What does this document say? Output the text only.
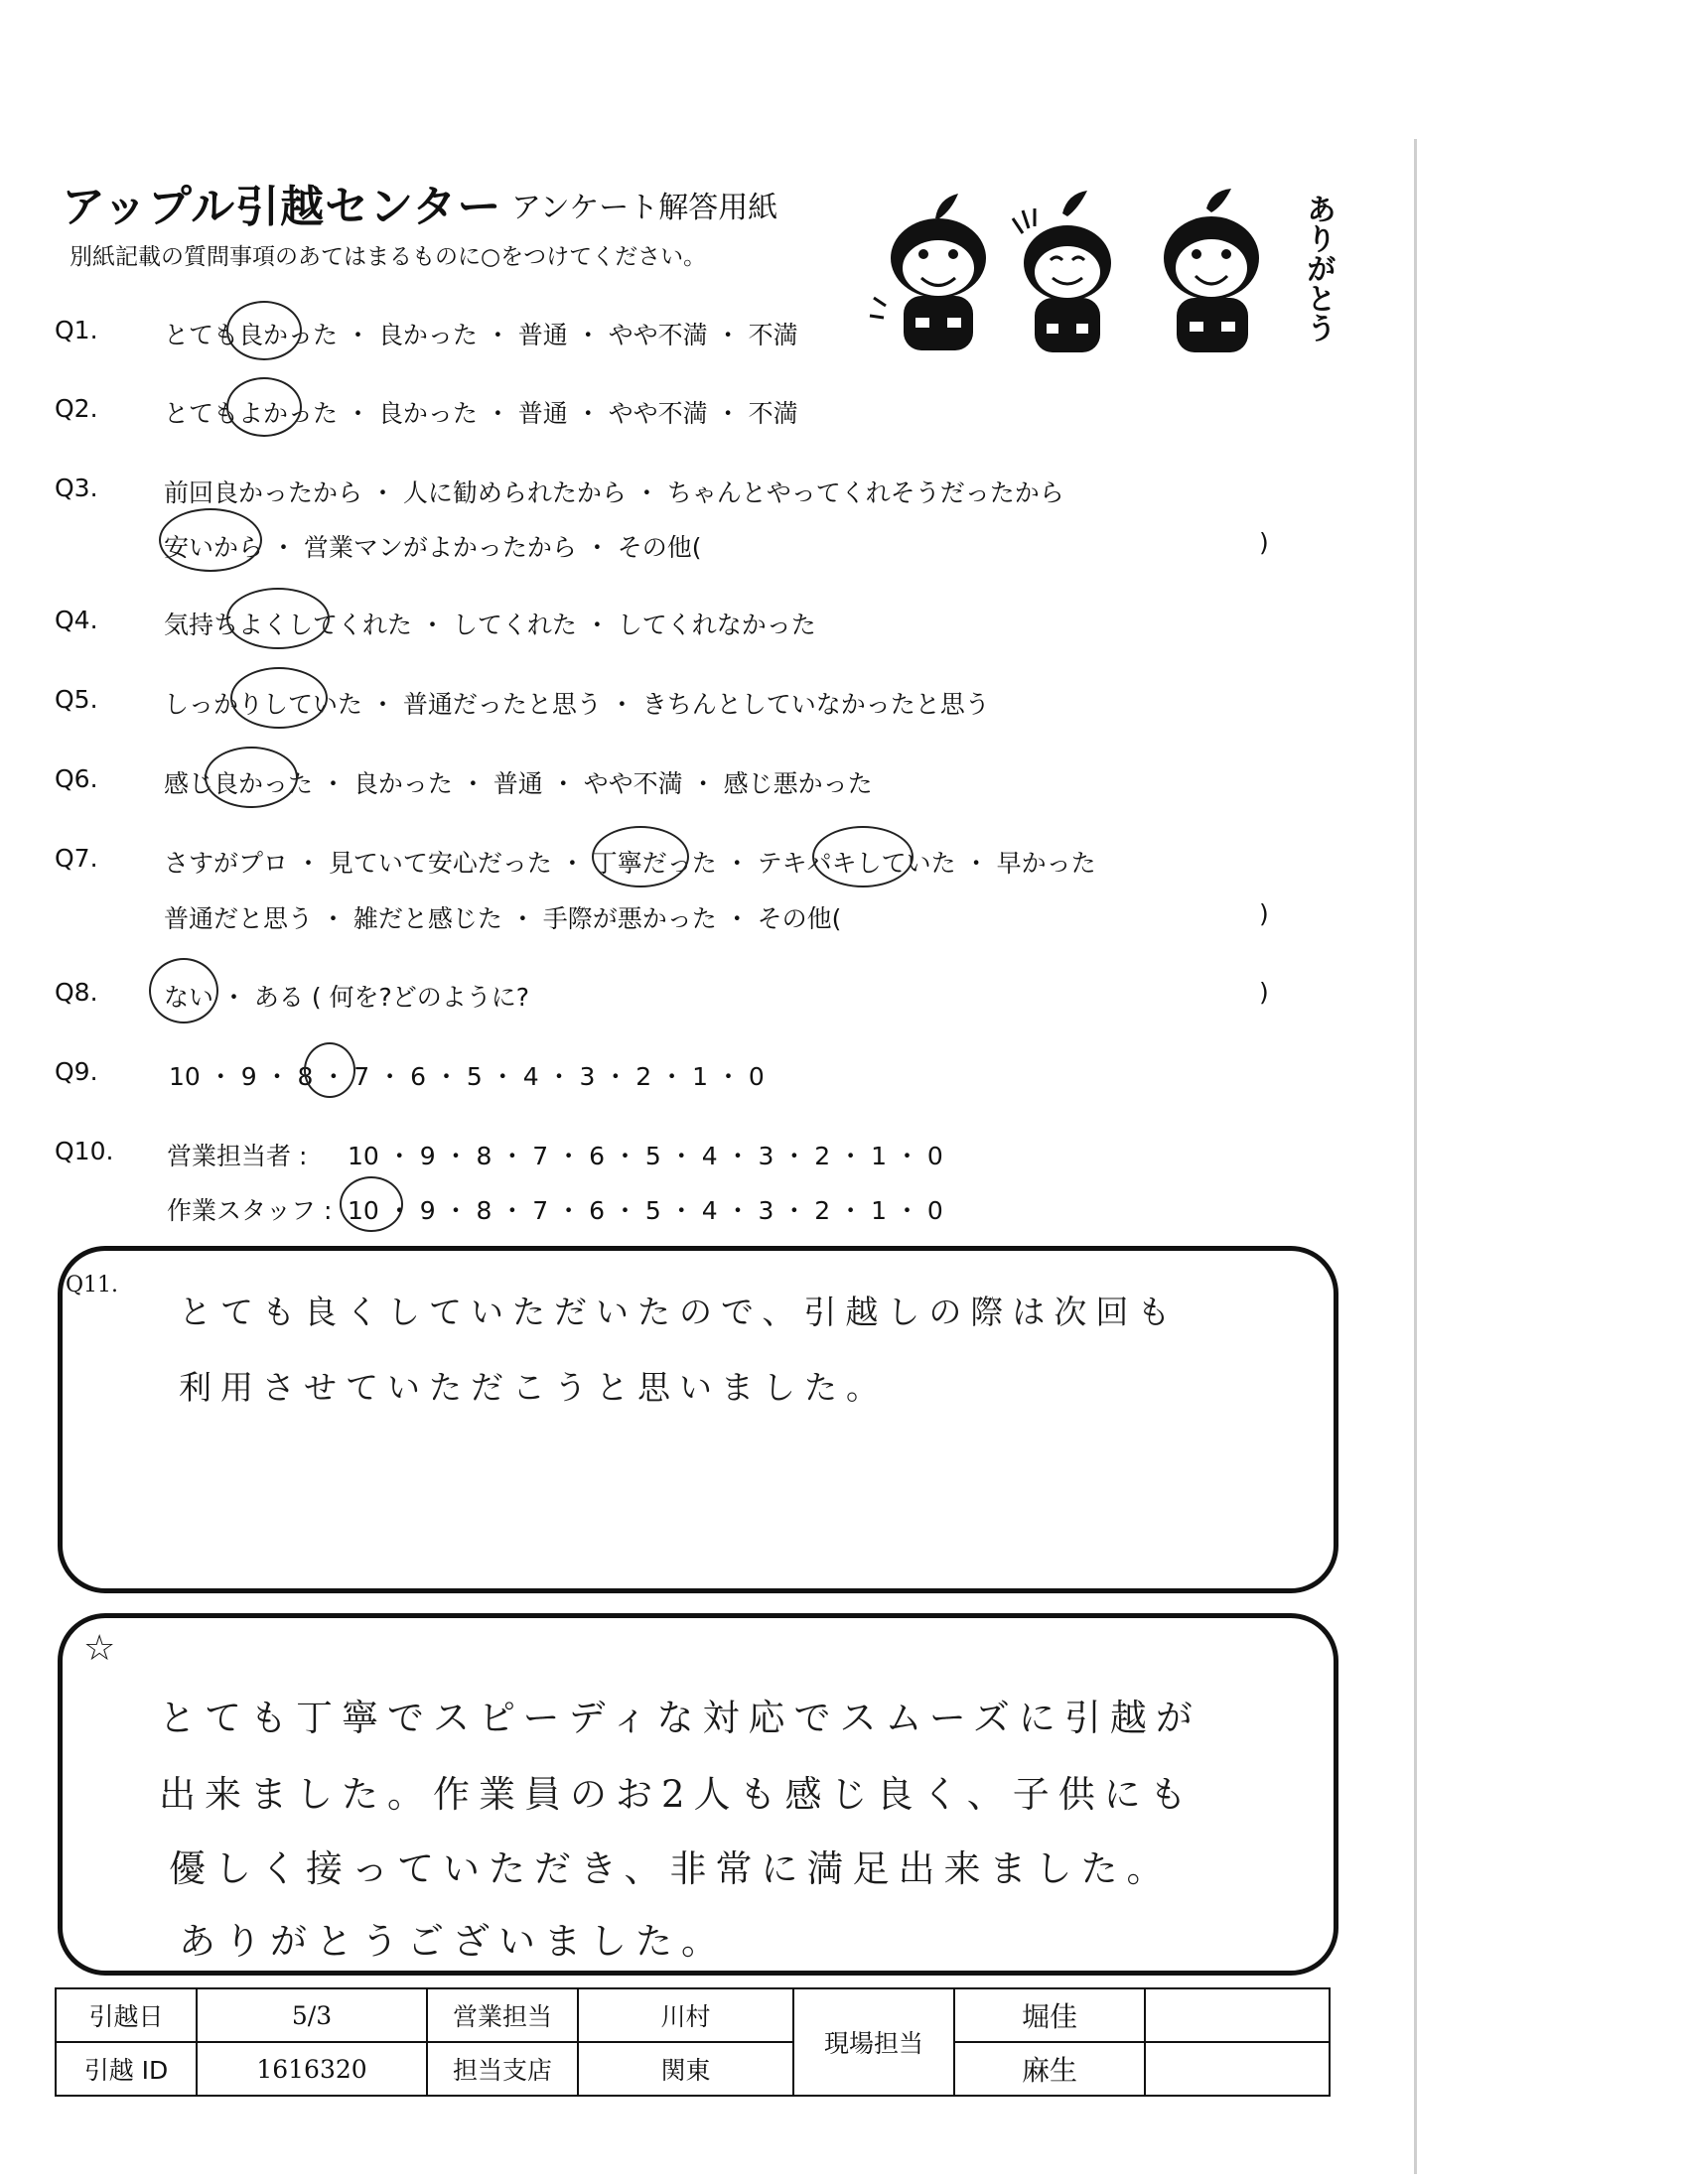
アップル引越センター アンケート解答用紙
別紙記載の質問事項のあてはまるものに○をつけてください。	ありがとう
Q1.	とても良かった ・ 良かった ・ 普通 ・ やや不満 ・ 不満
Q2.	とてもよかった ・ 良かった ・ 普通 ・ やや不満 ・ 不満
Q3.	前回良かったから ・ 人に勧められたから ・ ちゃんとやってくれそうだったから
安いから ・ 営業マンがよかったから ・ その他(	)
Q4.	気持ちよくしてくれた ・ してくれた ・ してくれなかった
Q5.	しっかりしていた ・ 普通だったと思う ・ きちんとしていなかったと思う
Q6.	感じ良かった ・ 良かった ・ 普通 ・ やや不満 ・ 感じ悪かった
Q7.	さすがプロ ・ 見ていて安心だった ・ 丁寧だった ・ テキパキしていた ・ 早かった
普通だと思う ・ 雑だと感じた ・ 手際が悪かった ・ その他(	)
Q8.	ない ・ ある ( 何を?どのように?	)
Q9.	10 ・ 9 ・ 8 ・ 7 ・ 6 ・ 5 ・ 4 ・ 3 ・ 2 ・ 1 ・ 0
Q10. 営業担当者 : 10 ・ 9 ・ 8 ・ 7 ・ 6 ・ 5 ・ 4 ・ 3 ・ 2 ・ 1 ・ 0
作業スタッフ : 10 ・ 9 ・ 8 ・ 7 ・ 6 ・ 5 ・ 4 ・ 3 ・ 2 ・ 1 ・ 0
Q11.
とても良くしていただいたので、引越しの際は次回も
利用させていただこうと思いました。
☆
とても丁寧でスピーディな対応でスムーズに引越が
出来ました。作業員のお2人も感じ良く、子供にも
優しく接っていただき、非常に満足出来ました。
ありがとうございました。
引越日	5/3	営業担当	川村	現場担当	堀佳	
引越 ID	1616320	担当支店	関東		麻生	
